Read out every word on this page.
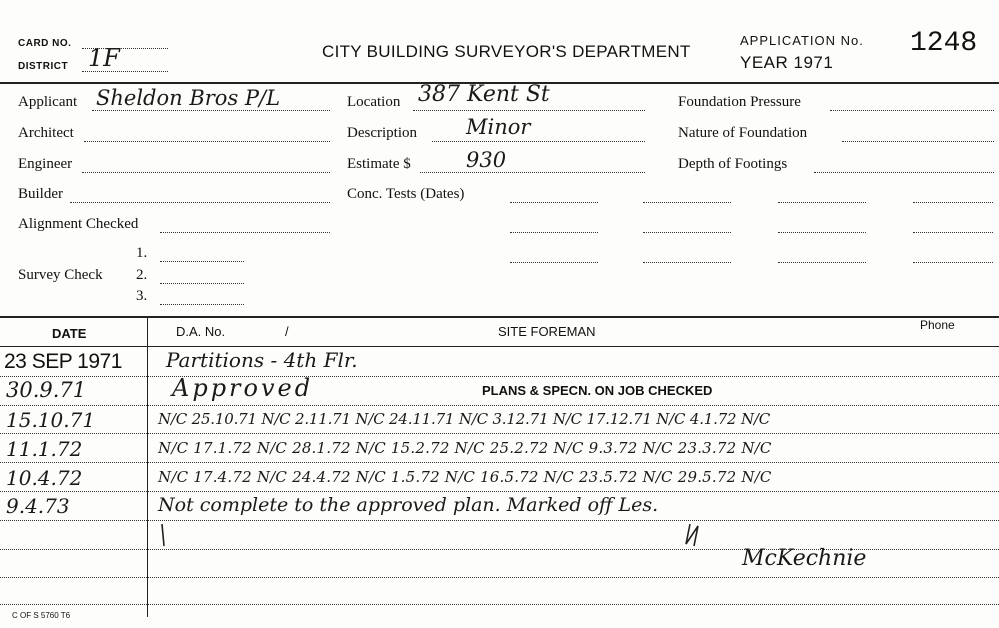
CARD NO.
DISTRICT 1F	CITY BUILDING SURVEYOR'S DEPARTMENT
APPLICATION No.
YEAR 1971
1248
Applicant Sheldon Bros P/L
Architect
Engineer
Builder
Alignment Checked
Survey Check
1.
2.
3.
Location 387 Kent St
Description Minor
Estimate $	930
Conc. Tests (Dates)
Foundation Pressure
Nature of Foundation
Depth of Footings
DATE	D.A. No.	/	SITE FOREMAN	Phone
23 SEP 1971 Partitions - 4th Flr.
30.9.71	Approved	PLANS & SPECN. ON JOB CHECKED
15.10.71	N/C 25.10.71 N/C 2.11.71 N/C 24.11.71 N/C 3.12.71 N/C 17.12.71 N/C 4.1.72 N/C
11.1.72	N/C 17.1.72 N/C 28.1.72 N/C 15.2.72 N/C 25.2.72 N/C 9.3.72 N/C 23.3.72 N/C
10.4.72	N/C 17.4.72 N/C 24.4.72 N/C 1.5.72 N/C 16.5.72 N/C 23.5.72 N/C 29.5.72 N/C
9.4.73	Not complete to the approved plan. Marked off Les.
McKechnie
C OF S 5760 T6
